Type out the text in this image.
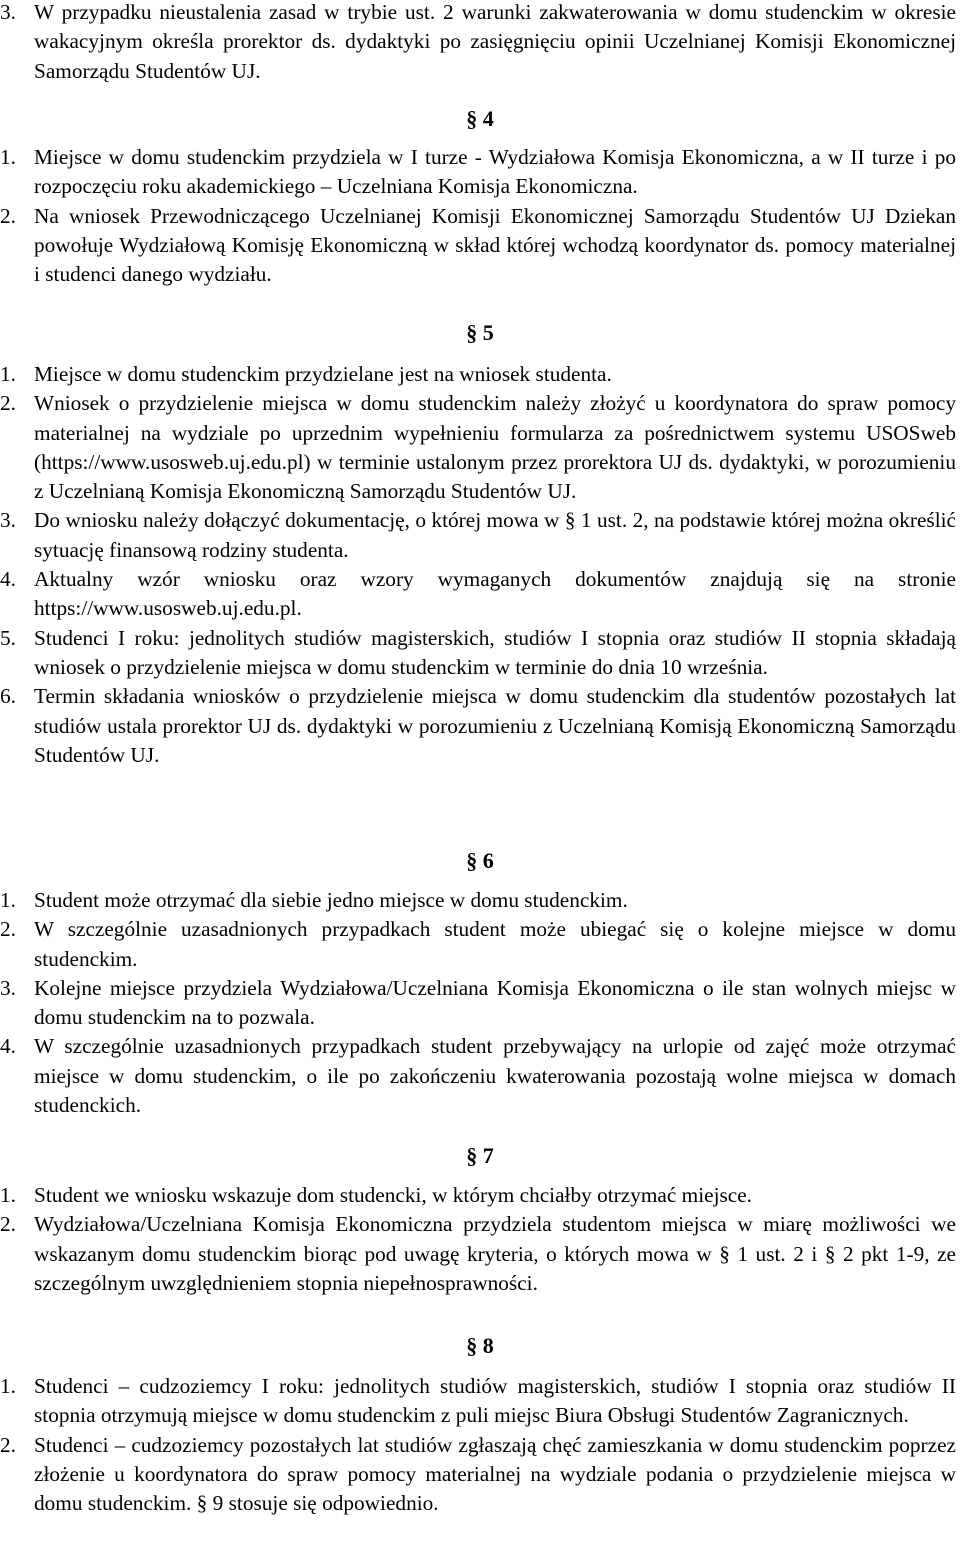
3. W przypadku nieustalenia zasad w trybie ust. 2 warunki zakwaterowania w domu studenckim w okresie wakacyjnym określa prorektor ds. dydaktyki po zasięgnięciu opinii Uczelnianej Komisji Ekonomicznej Samorządu Studentów UJ.
§ 4
1. Miejsce w domu studenckim przydziela w I turze - Wydziałowa Komisja Ekonomiczna, a w II turze i po rozpoczęciu roku akademickiego – Uczelniana Komisja Ekonomiczna.
2. Na wniosek Przewodniczącego Uczelnianej Komisji Ekonomicznej Samorządu Studentów UJ Dziekan powołuje Wydziałową Komisję Ekonomiczną w skład której wchodzą koordynator ds. pomocy materialnej i studenci danego wydziału.
§ 5
1. Miejsce w domu studenckim przydzielane jest na wniosek studenta.
2. Wniosek o przydzielenie miejsca w domu studenckim należy złożyć u koordynatora do spraw pomocy materialnej na wydziale po uprzednim wypełnieniu formularza za pośrednictwem systemu USOSweb (https://www.usosweb.uj.edu.pl) w terminie ustalonym przez prorektora UJ ds. dydaktyki, w porozumieniu z Uczelnianą Komisja Ekonomiczną Samorządu Studentów UJ.
3. Do wniosku należy dołączyć dokumentację, o której mowa w § 1 ust. 2, na podstawie której można określić sytuację finansową rodziny studenta.
4. Aktualny wzór wniosku oraz wzory wymaganych dokumentów znajdują się na stronie https://www.usosweb.uj.edu.pl.
5. Studenci I roku: jednolitych studiów magisterskich, studiów I stopnia oraz studiów II stopnia składają wniosek o przydzielenie miejsca w domu studenckim w terminie do dnia 10 września.
6. Termin składania wniosków o przydzielenie miejsca w domu studenckim dla studentów pozostałych lat studiów ustala prorektor UJ ds. dydaktyki w porozumieniu z Uczelnianą Komisją Ekonomiczną Samorządu Studentów UJ.
§ 6
1. Student może otrzymać dla siebie jedno miejsce w domu studenckim.
2. W szczególnie uzasadnionych przypadkach student może ubiegać się o kolejne miejsce w domu studenckim.
3. Kolejne miejsce przydziela Wydziałowa/Uczelniana Komisja Ekonomiczna o ile stan wolnych miejsc w domu studenckim na to pozwala.
4. W szczególnie uzasadnionych przypadkach student przebywający na urlopie od zajęć może otrzymać miejsce w domu studenckim, o ile po zakończeniu kwaterowania pozostają wolne miejsca w domach studenckich.
§ 7
1. Student we wniosku wskazuje dom studencki, w którym chciałby otrzymać miejsce.
2. Wydziałowa/Uczelniana Komisja Ekonomiczna przydziela studentom miejsca w miarę możliwości we wskazanym domu studenckim biorąc pod uwagę kryteria, o których mowa w § 1 ust. 2 i § 2 pkt 1-9, ze szczególnym uwzględnieniem stopnia niepełnosprawności.
§ 8
1. Studenci – cudzoziemcy I roku: jednolitych studiów magisterskich, studiów I stopnia oraz studiów II stopnia otrzymują miejsce w domu studenckim z puli miejsc Biura Obsługi Studentów Zagranicznych.
2. Studenci – cudzoziemcy pozostałych lat studiów zgłaszają chęć zamieszkania w domu studenckim poprzez złożenie u koordynatora do spraw pomocy materialnej na wydziale podania o przydzielenie miejsca w domu studenckim. § 9 stosuje się odpowiednio.
